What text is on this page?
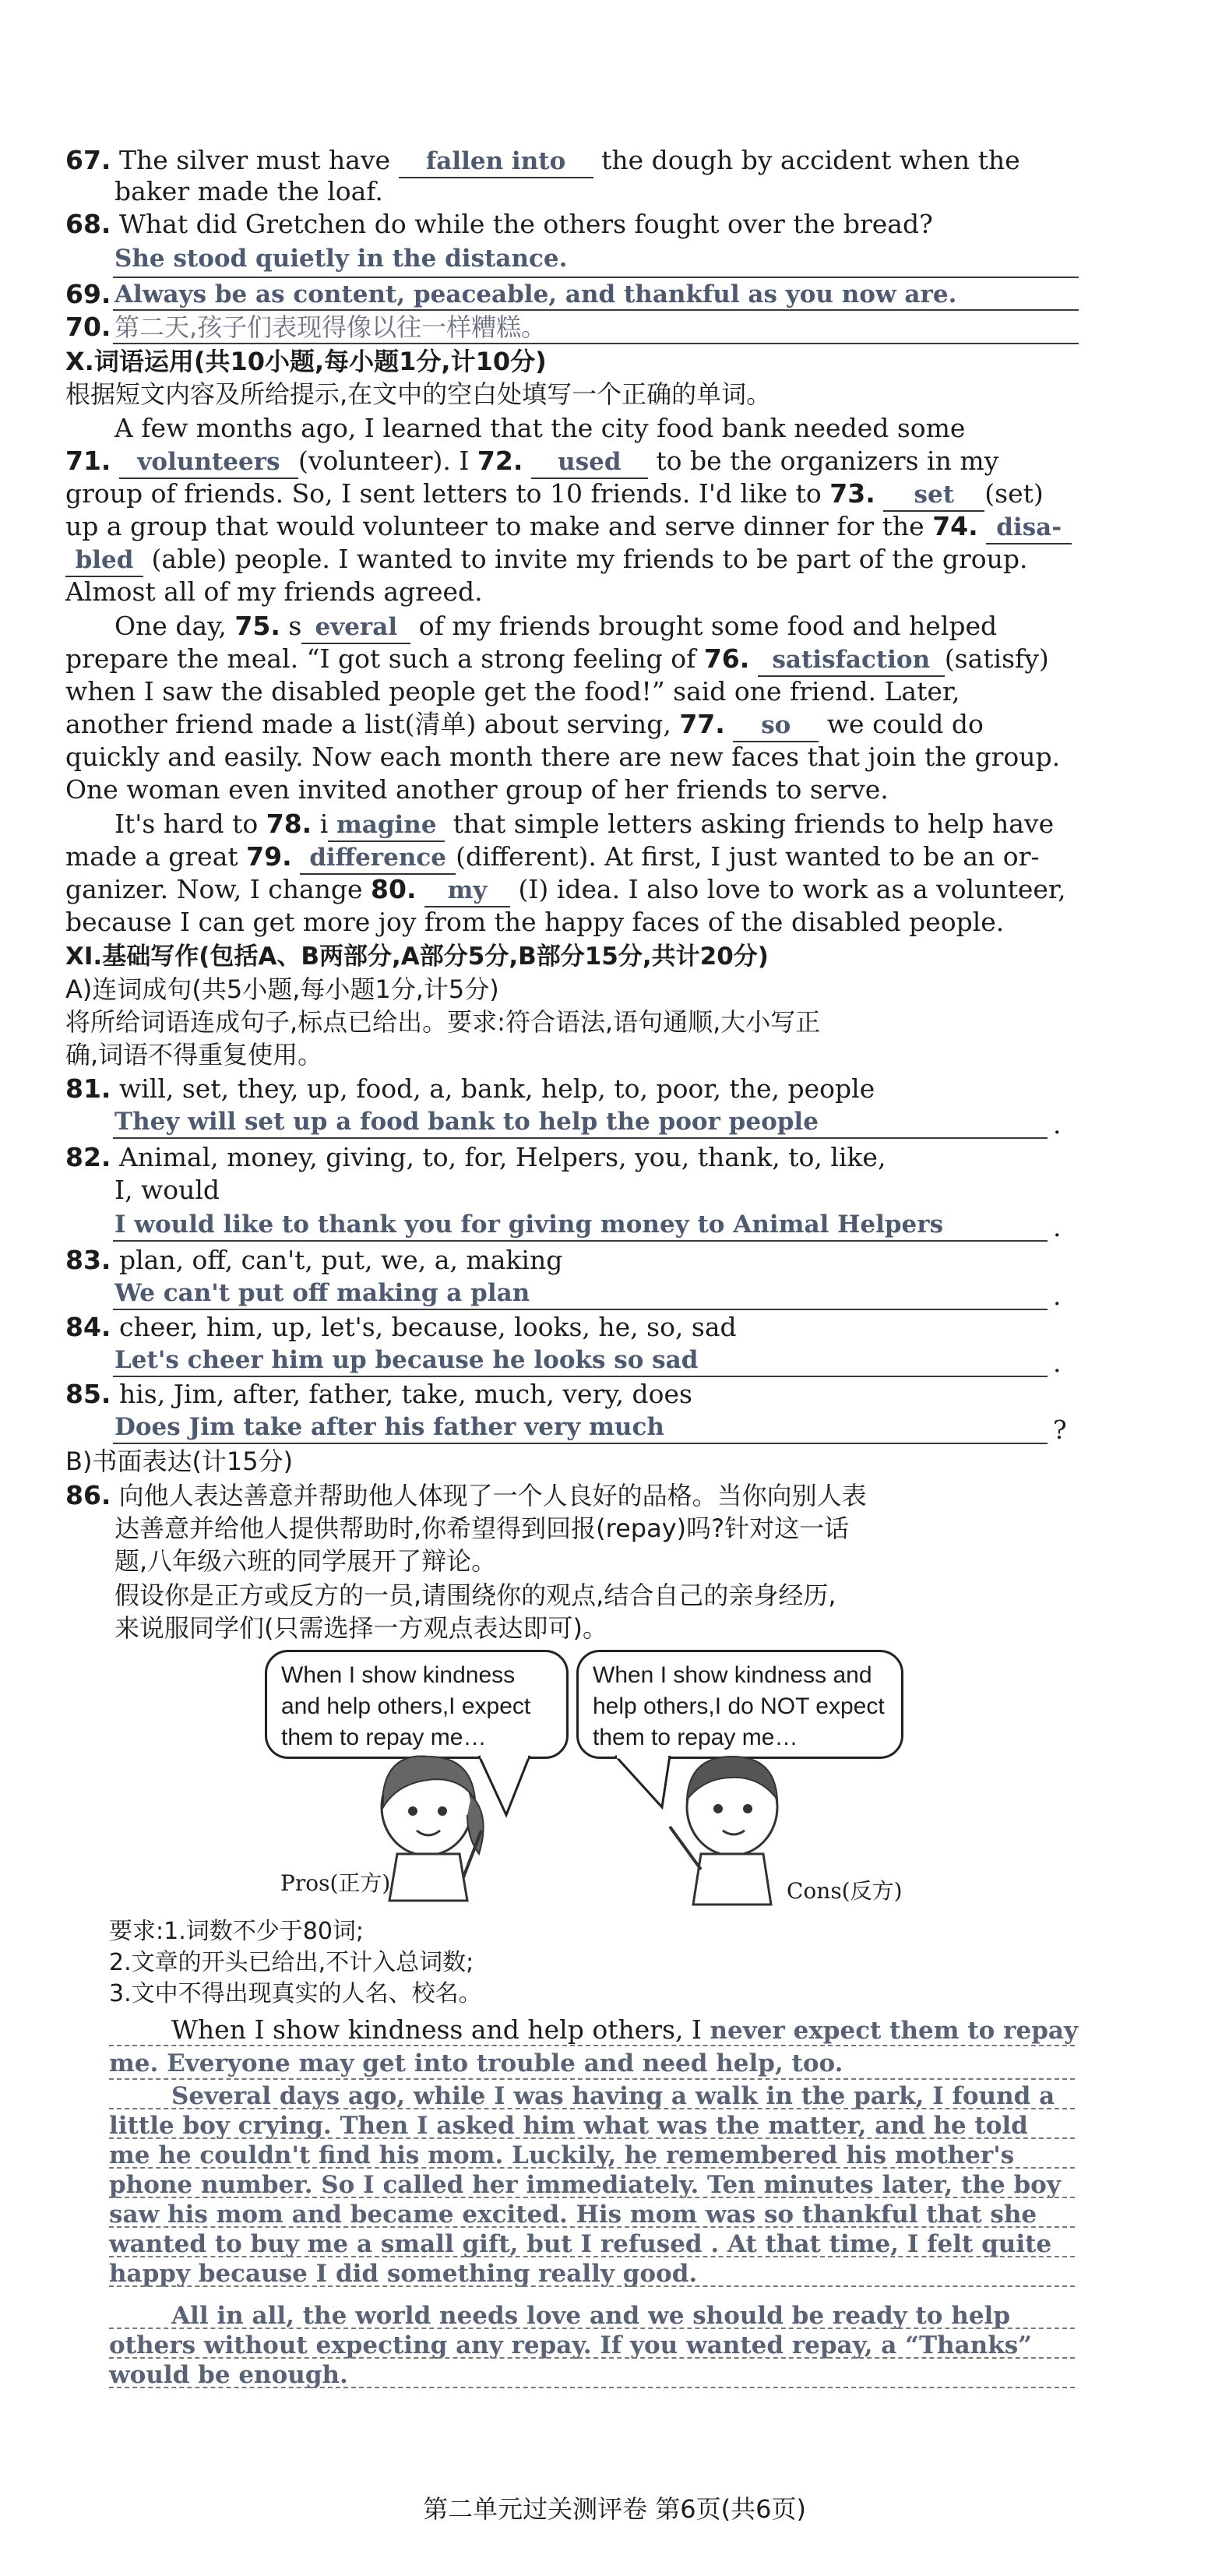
67. The silver must have fallen into the dough by accident when the
baker made the loaf.
68. What did Gretchen do while the others fought over the bread?
She stood quietly in the distance.
69. Always be as content, peaceable, and thankful as you now are.
70. 第二天,孩子们表现得像以往一样糟糕。
X.词语运用(共10小题,每小题1分,计10分)
根据短文内容及所给提示,在文中的空白处填写一个正确的单词。
A few months ago, I learned that the city food bank needed some
71. volunteers (volunteer). I 72. used to be the organizers in my
group of friends. So, I sent letters to 10 friends. I'd like to 73. set (set)
up a group that would volunteer to make and serve dinner for the 74. disa-
bled (able) people. I wanted to invite my friends to be part of the group.
Almost all of my friends agreed.
One day, 75. s everal of my friends brought some food and helped
prepare the meal. “I got such a strong feeling of 76. satisfaction (satisfy)
when I saw the disabled people get the food!” said one friend. Later,
another friend made a list(清单) about serving, 77. so we could do
quickly and easily. Now each month there are new faces that join the group.
One woman even invited another group of her friends to serve.
It's hard to 78. i magine that simple letters asking friends to help have
made a great 79. difference (different). At first, I just wanted to be an or-
ganizer. Now, I change 80. my (I) idea. I also love to work as a volunteer,
because I can get more joy from the happy faces of the disabled people.
XI.基础写作(包括A、B两部分,A部分5分,B部分15分,共计20分)
A)连词成句(共5小题,每小题1分,计5分)
将所给词语连成句子,标点已给出。要求:符合语法,语句通顺,大小写正
确,词语不得重复使用。
81. will, set, they, up, food, a, bank, help, to, poor, the, people
They will set up a food bank to help the poor people	.
82. Animal, money, giving, to, for, Helpers, you, thank, to, like,
I, would
I would like to thank you for giving money to Animal Helpers	.
83. plan, off, can't, put, we, a, making
We can't put off making a plan	.
84. cheer, him, up, let's, because, looks, he, so, sad
Let's cheer him up because he looks so sad	.
85. his, Jim, after, father, take, much, very, does
Does Jim take after his father very much	?
B)书面表达(计15分)
86. 向他人表达善意并帮助他人体现了一个人良好的品格。当你向别人表
达善意并给他人提供帮助时,你希望得到回报(repay)吗?针对这一话
题,八年级六班的同学展开了辩论。
假设你是正方或反方的一员,请围绕你的观点,结合自己的亲身经历,
来说服同学们(只需选择一方观点表达即可)。
When I show kindness and help others,I expect them to repay me…
When I show kindness and help others,I do NOT expect them to repay me…
Pros(正方)	Cons(反方)
要求:1.词数不少于80词;
2.文章的开头已给出,不计入总词数;
3.文中不得出现真实的人名、校名。
When I show kindness and help others, I never expect them to repay
me. Everyone may get into trouble and need help, too.
Several days ago, while I was having a walk in the park, I found a little boy crying. Then I asked him what was the matter, and he told me he couldn't find his mom. Luckily, he remembered his mother's phone number. So I called her immediately. Ten minutes later, the boy saw his mom and became excited. His mom was so thankful that she wanted to buy me a small gift, but I refused . At that time, I felt quite happy because I did something really good.
All in all, the world needs love and we should be ready to help others without expecting any repay. If you wanted repay, a “Thanks” would be enough.
第二单元过关测评卷 第6页(共6页)
